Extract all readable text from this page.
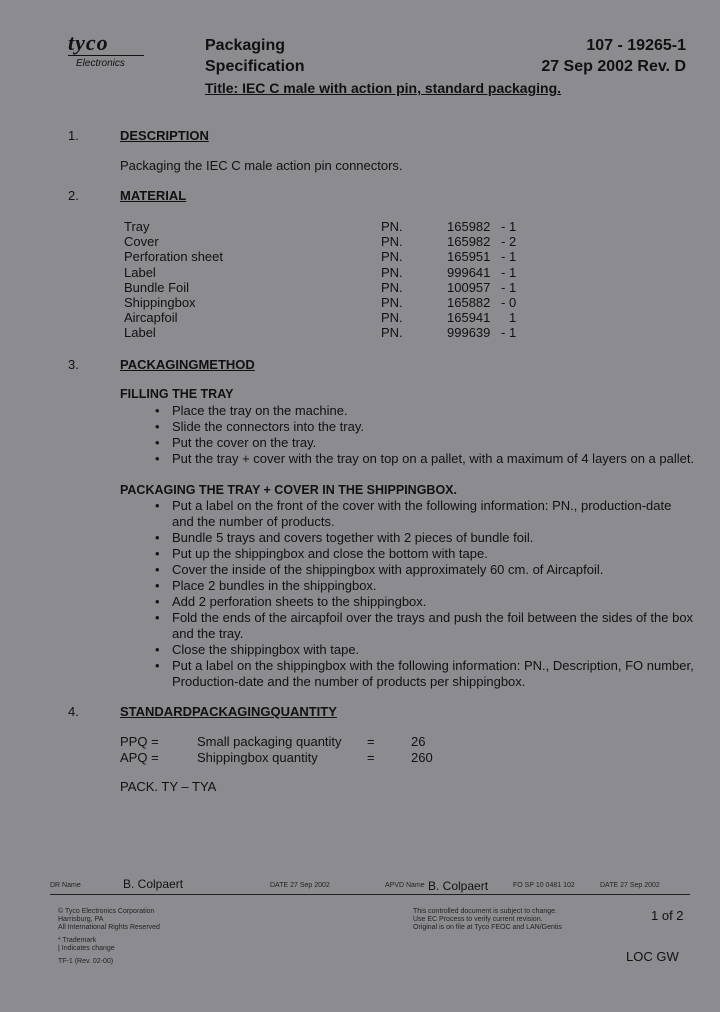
tyco
Electronics
Packaging
Specification
107 - 19265-1
27 Sep 2002 Rev. D
Title: IEC C male with action pin, standard packaging.
1.	DESCRIPTION
Packaging the IEC C male action pin connectors.
2.	MATERIAL
Tray	PN.	165982	- 1
Cover	PN.	165982	- 2
Perforation sheet	PN.	165951	- 1
Label	PN.	999641	- 1
Bundle Foil	PN.	100957	- 1
Shippingbox	PN.	165882	- 0
Aircapfoil	PN.	165941	1
Label	PN.	999639	- 1
3.	PACKAGINGMETHOD
FILLING THE TRAY
• Place the tray on the machine.
• Slide the connectors into the tray.
• Put the cover on the tray.
• Put the tray + cover with the tray on top on a pallet, with a maximum of 4 layers on a pallet.
PACKAGING THE TRAY + COVER IN THE SHIPPINGBOX.
• Put a label on the front of the cover with the following information: PN., production-date and the number of products.
• Bundle 5 trays and covers together with 2 pieces of bundle foil.
• Put up the shippingbox and close the bottom with tape.
• Cover the inside of the shippingbox with approximately 60 cm. of Aircapfoil.
• Place 2 bundles in the shippingbox.
• Add 2 perforation sheets to the shippingbox.
• Fold the ends of the aircapfoil over the trays and push the foil between the sides of the box and the tray.
• Close the shippingbox with tape.
• Put a label on the shippingbox with the following information: PN., Description, FO number, Production-date and the number of products per shippingbox.
4.	STANDARDPACKAGINGQUANTITY
PPQ =	Small packaging quantity	=	26
APQ =	Shippingbox quantity	=	260
PACK. TY – TYA
DR Name	B. Colpaert	DATE 27 Sep 2002	APVD Name B. Colpaert	FO SP 10 0481 102	DATE 27 Sep 2002
© Tyco Electronics Corporation
Harrisburg, PA
All International Rights Reserved
* Trademark
| Indicates change
TF-1 (Rev. 02-00)
This controlled document is subject to change.
Use EC Process to verify current revision.
Original is on file at Tyco FEOC and LAN/Gentis
1 of 2
LOC GW
